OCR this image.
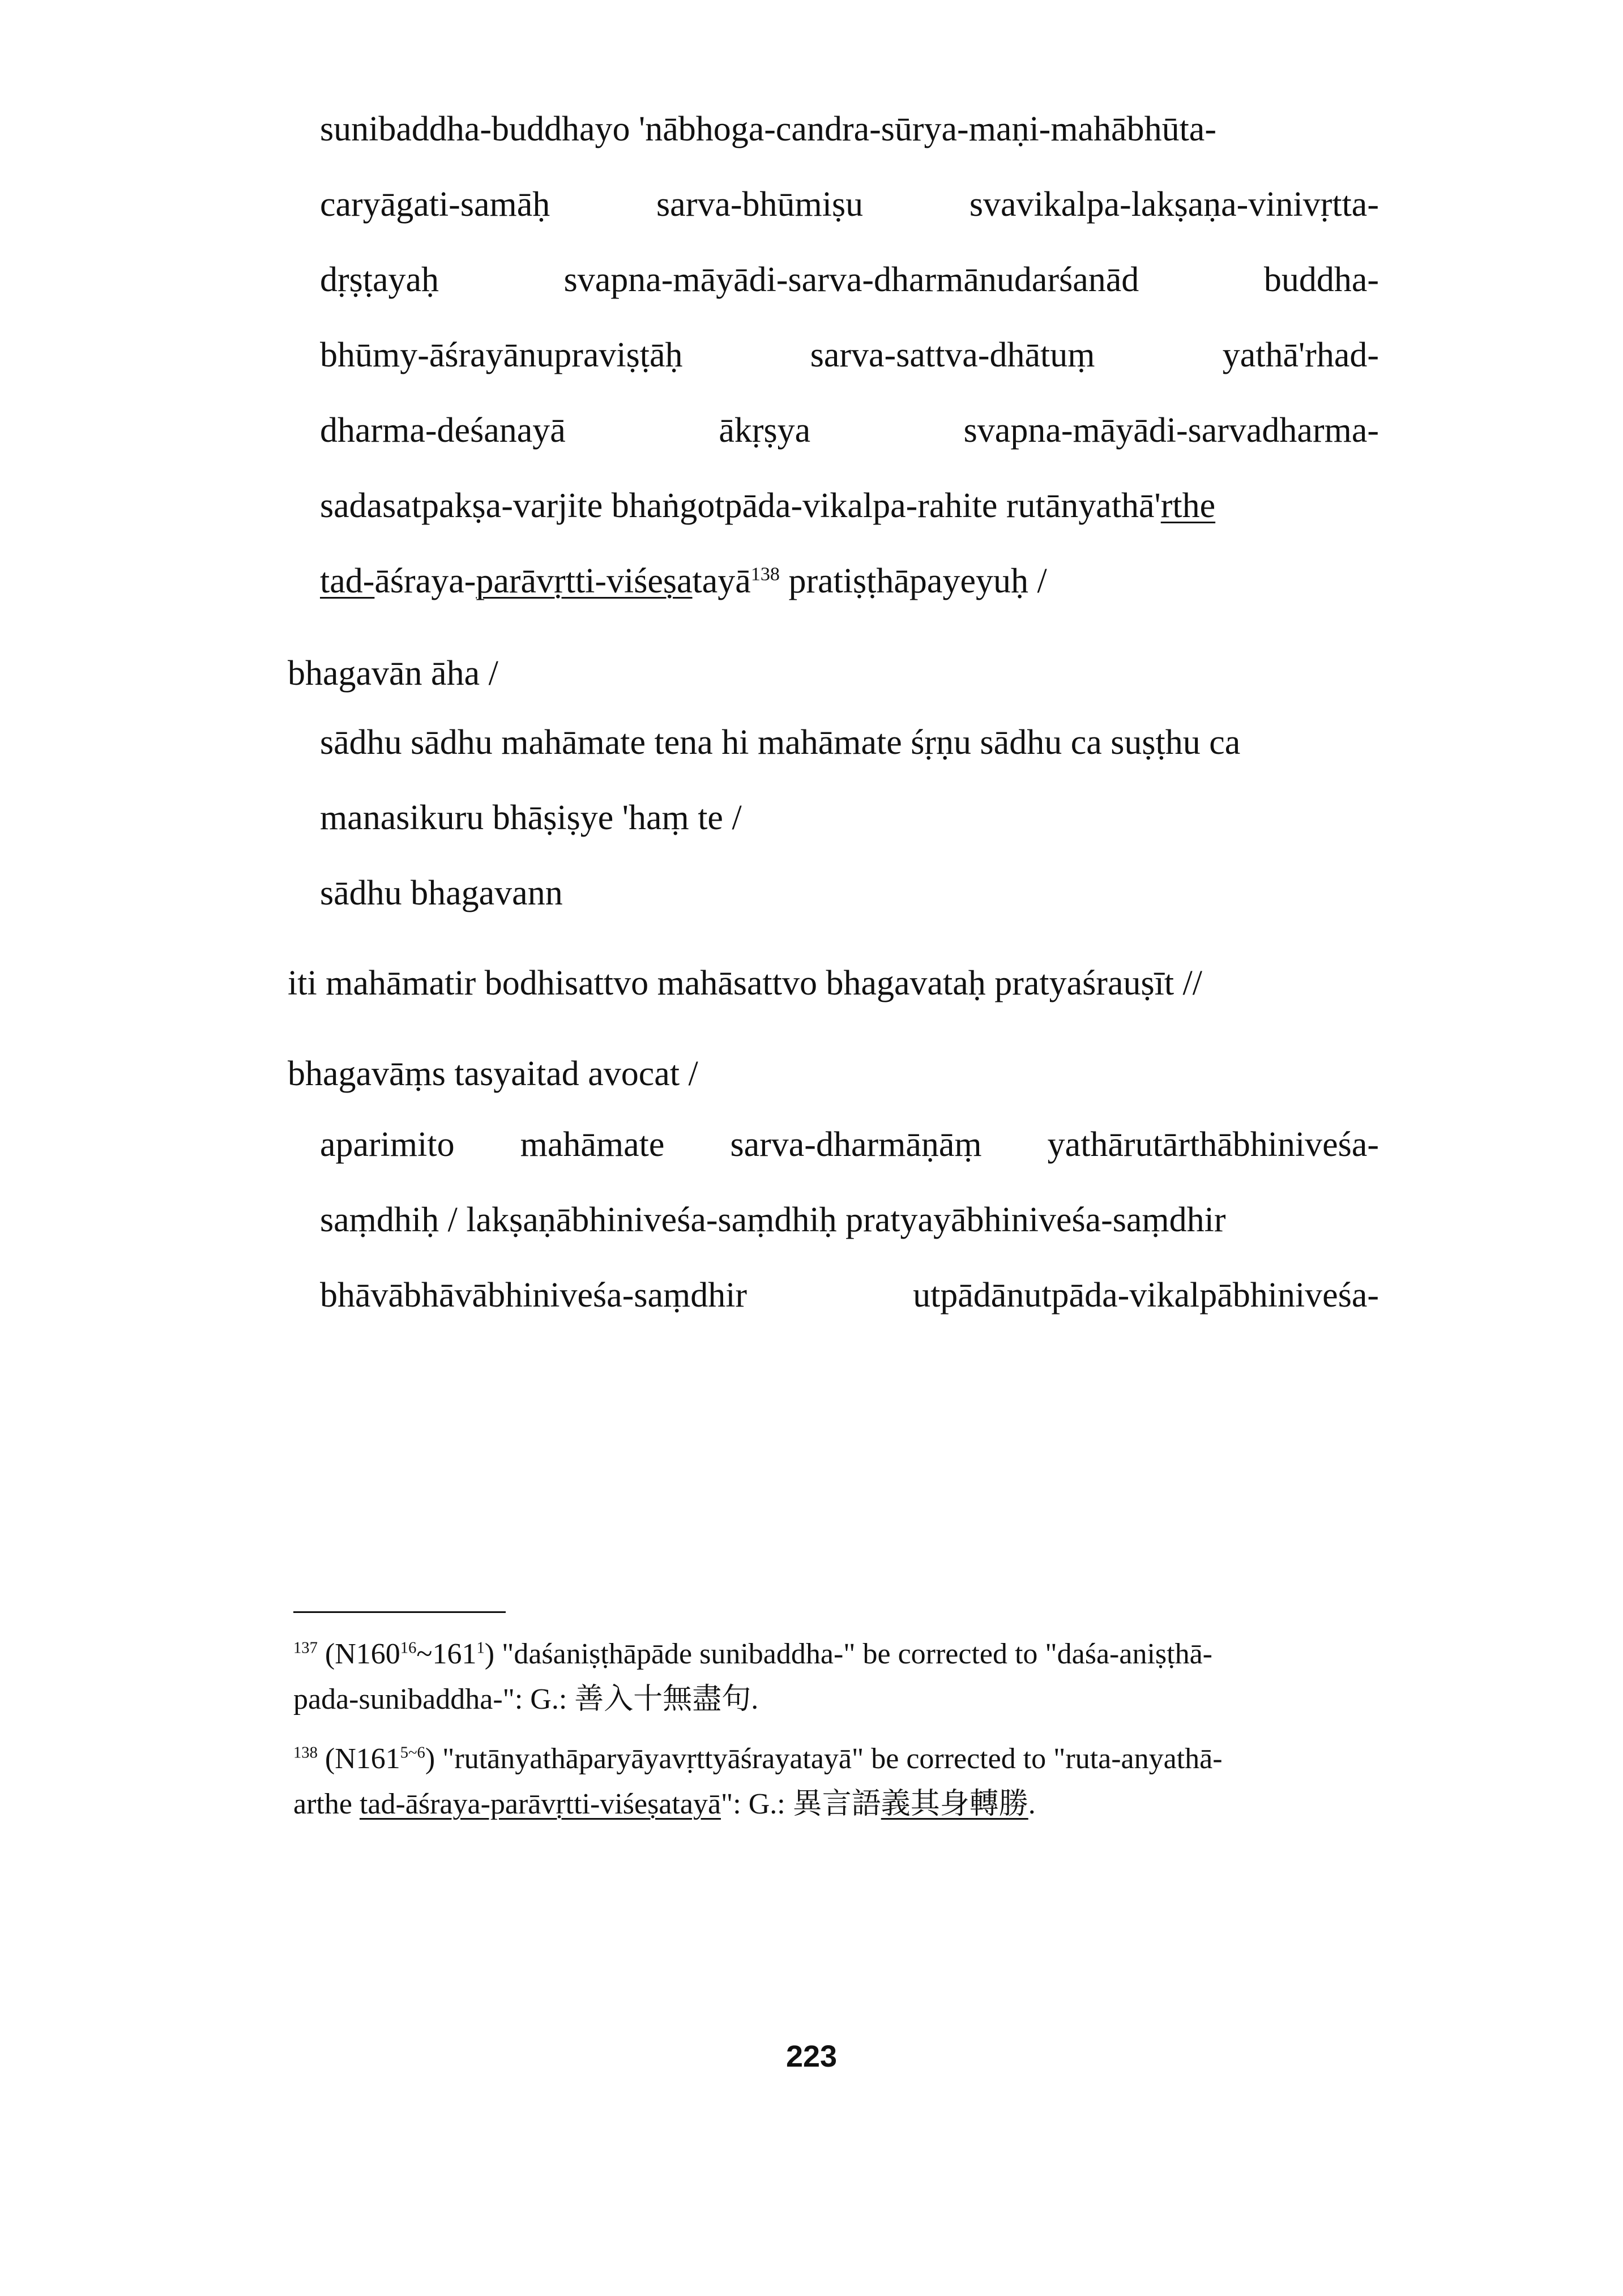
sunibaddha-buddhayo 'nābhoga-candra-sūrya-maṇi-mahābhūta-
caryāgati-samāḥ	sarva-bhūmiṣu	svavikalpa-lakṣaṇa-vinivṛtta-
dṛṣṭayaḥ	svapna-māyādi-sarva-dharmānudarśanād	buddha-
bhūmy-āśrayānupraviṣṭāḥ	sarva-sattva-dhātuṃ	yathā'rhad-
dharma-deśanayā	ākṛṣya	svapna-māyādi-sarvadharma-
sadasatpakṣa-varjite bhaṅgotpāda-vikalpa-rahite rutānyathā'rthe
tad-āśraya-parāvṛtti-viśeṣatayā$^{138}$ pratiṣṭhāpayeyuḥ /
bhagavān āha /
sādhu sādhu mahāmate tena hi mahāmate śṛṇu sādhu ca suṣṭhu ca
manasikuru bhāṣiṣye 'haṃ te /
sādhu bhagavann
iti mahāmatir bodhisattvo mahāsattvo bhagavataḥ pratyaśrauṣīt //
bhagavāṃs tasyaitad avocat /
aparimito mahāmate sarva-dharmāṇāṃ yathārutārthābhiniveśa-
saṃdhiḥ / lakṣaṇābhiniveśa-saṃdhiḥ pratyayābhiniveśa-saṃdhir
bhāvābhāvābhiniveśa-saṃdhir	utpādānutpāda-vikalpābhiniveśa-
$^{137}$ $(N160^{16}\sim 161^1)$ "daśaniṣṭhāpāde sunibaddha-" be corrected to "daśa-aniṣṭhā-
pada-sunibaddha-": G.: 善入十無盡句.
$^{138}$ $(N161^{5\sim 6})$ "rutānyathāparyāyavṛttyāśrayatayā" be corrected to "ruta-anyathā-
arthe tad-āśraya-parāvṛtti-viśeṣatayā": G.: 異言語義其身轉勝.
223
